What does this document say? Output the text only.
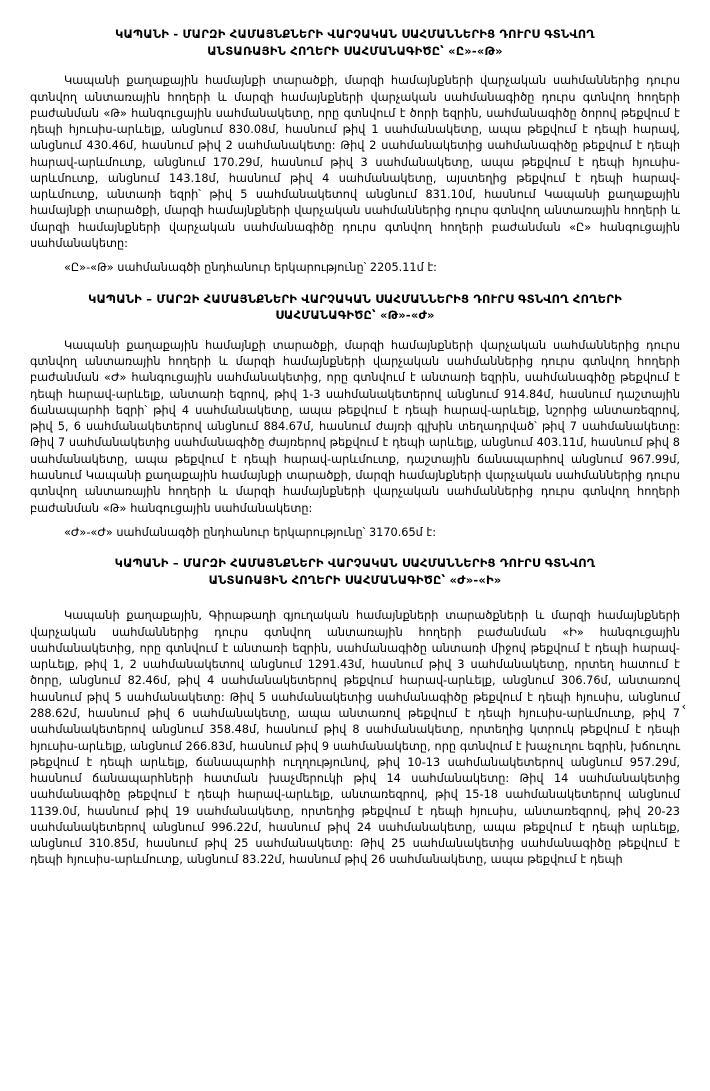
ԿԱՊԱՆԻ - ՄԱՐԶԻ ՀԱՄԱՅՆՔՆԵՐԻ ՎԱՐՉԱԿԱՆ ՍԱՀՄԱՆՆԵՐԻՑ ԴՈՒՐՍ ԳՏՆՎՈՂ
ԱՆՏԱՌԱՅԻՆ ՀՈՂԵՐԻ ՍԱՀՄԱՆԱԳԻԾԸ՝ «Ը»-«Թ»

Կապանի քաղաքային համայնքի տարածքի, մարզի համայնքների վարչական սահմաններից դուրս գտնվող անտառային հողերի և մարզի համայնքների վարչական սահմանագիծը դուրս գտնվող հողերի բաժանման «Թ» հանգուցային սահմանակետը, որը գտնվում է ծորի եզրին, սահմանագիծը ծորով թեքվում է դեպի հյուսիս-արևելք, անցնում 830.08մ, հասնում թիվ 1 սահմանակետը, ապա թեքվում է դեպի հարավ, անցնում 430.46մ, հասնում թիվ 2 սահմանակետը: Թիվ 2 սահմանակետից սահմանագիծը թեքվում է դեպի հարավ-արևմուտք, անցնում 170.29մ, հասնում թիվ 3 սահմանակետը, ապա թեքվում է դեպի հյուսիս-արևմուտք, անցնում 143.18մ, հասնում թիվ 4 սահմանակետը, այստեղից թեքվում է դեպի հարավ-արևմուտք, անտառի եզրի՝ թիվ 5 սահմանակետով անցնում 831.10մ, հասնում Կապանի քաղաքային համայնքի տարածքի, մարզի համայնքների վարչական սահմաններից դուրս գտնվող անտառային հողերի և մարզի համայնքների վարչական սահմանագիծը դուրս գտնվող հողերի բաժանման «Ը» հանգուցային սահմանակետը:

«Ը»-«Թ» սահմանագծի ընդհանուր երկարությունը՝ 2205.11մ է:

ԿԱՊԱՆԻ – ՄԱՐԶԻ ՀԱՄԱՅՆՔՆԵՐԻ ՎԱՐՉԱԿԱՆ ՍԱՀՄԱՆՆԵՐԻՑ ԴՈՒՐՍ ԳՏՆՎՈՂ ՀՈՂԵՐԻ
ՍԱՀՄԱՆԱԳԻԾԸ՝ «Թ»-«Ժ»

Կապանի քաղաքային համայնքի տարածքի, մարզի համայնքների վարչական սահմաններից դուրս գտնվող անտառային հողերի և մարզի համայնքների վարչական սահմաններից դուրս գտնվող հողերի բաժանման «Ժ» հանգուցային սահմանակետից, որը գտնվում է անտառի եզրին, սահմանագիծը թեքվում է դեպի հարավ-արևելք, անտառի եզրով, թիվ 1-3 սահմանակետերով անցնում 914.84մ, հասնում դաշտային ճանապարհի եզրի՝ թիվ 4 սահմանակետը, ապա թեքվում է դեպի հարավ-արևելք, նշորից անտառեզրով, թիվ 5, 6 սահմանակետերով անցնում 884.67մ, հասնում ժայռի գլխին տեղադրված՝ թիվ 7 սահմանակետը: Թիվ 7 սահմանակետից սահմանագիծը ժայռերով թեքվում է դեպի արևելք, անցնում 403.11մ, հասնում թիվ 8 սահմանակետը, ապա թեքվում է դեպի հարավ-արևմուտք, դաշտային ճանապարհով անցնում 967.99մ, հասնում Կապանի քաղաքային համայնքի տարածքի, մարզի համայնքների վարչական սահմաններից դուրս գտնվող անտառային հողերի և մարզի համայնքների վարչական սահմաններից դուրս գտնվող հողերի բաժանման «Թ» հանգուցային սահմանակետը:

«Ժ»-«Ժ» սահմանագծի ընդհանուր երկարությունը՝ 3170.65մ է:

ԿԱՊԱՆԻ – ՄԱՐԶԻ ՀԱՄԱՅՆՔՆԵՐԻ ՎԱՐՉԱԿԱՆ ՍԱՀՄԱՆՆԵՐԻՑ ԴՈՒՐՍ ԳՏՆՎՈՂ
ԱՆՏԱՌԱՅԻՆ ՀՈՂԵՐԻ ՍԱՀՄԱՆԱԳԻԾԸ՝ «Ժ»-«Ի»

Կապանի քաղաքային, Գիրաթաղի գյուղական համայնքների տարածքների և մարզի համայնքների վարչական սահմաններից դուրս գտնվող անտառային հողերի բաժանման «Ի» հանգուցային սահմանակետից, որը գտնվում է անտառի եզրին, սահմանագիծը անտառի միջով թեքվում է դեպի հարավ-արևելք, թիվ 1, 2 սահմանակետով անցնում 1291.43մ, հասնում թիվ 3 սահմանակետը, որտեղ հատում է ծորը, անցնում 82.46մ, թիվ 4 սահմանակետերով թեքվում հարավ-արևելք, անցնում 306.76մ, անտառով հասնում թիվ 5 սահմանակետը: Թիվ 5 սահմանակետից սահմանագիծը թեքվում է դեպի հյուսիս, անցնում 288.62մ, հասնում թիվ 6 սահմանակետը, ապա անտառով թեքվում է դեպի հյուսիս-արևմուտք, թիվ 7 սահմանակետերով անցնում 358.48մ, հասնում թիվ 8 սահմանակետը, որտեղից կտրուկ թեքվում է դեպի հյուսիս-արևելք, անցնում 266.83մ, հասնում թիվ 9 սահմանակետը, որը գտնվում է խաչուղու եզրին, խճուղու թեքվում է դեպի արևելք, ճանապարհի ուղղությունով, թիվ 10-13 սահմանակետերով անցնում 957.29մ, հասնում ճանապարհների հատման խաչմերուկի թիվ 14 սահմանակետը: Թիվ 14 սահմանակետից սահմանագիծը թեքվում է դեպի հարավ-արևելք, անտառեզրով, թիվ 15-18 սահմանակետերով անցնում 1139.0մ, հասնում թիվ 19 սահմանակետը, որտեղից թեքվում է դեպի հյուսիս, անտառեզրով, թիվ 20-23 սահմանակետերով անցնում 996.22մ, հասնում թիվ 24 սահմանակետը, ապա թեքվում է դեպի արևելք, անցնում 310.85մ, հասնում թիվ 25 սահմանակետը: Թիվ 25 սահմանակետից սահմանագիծը թեքվում է դեպի հյուսիս-արևմուտք, անցնում 83.22մ, հասնում թիվ 26 սահմանակետը, ապա թեքվում է դեպի

‹
